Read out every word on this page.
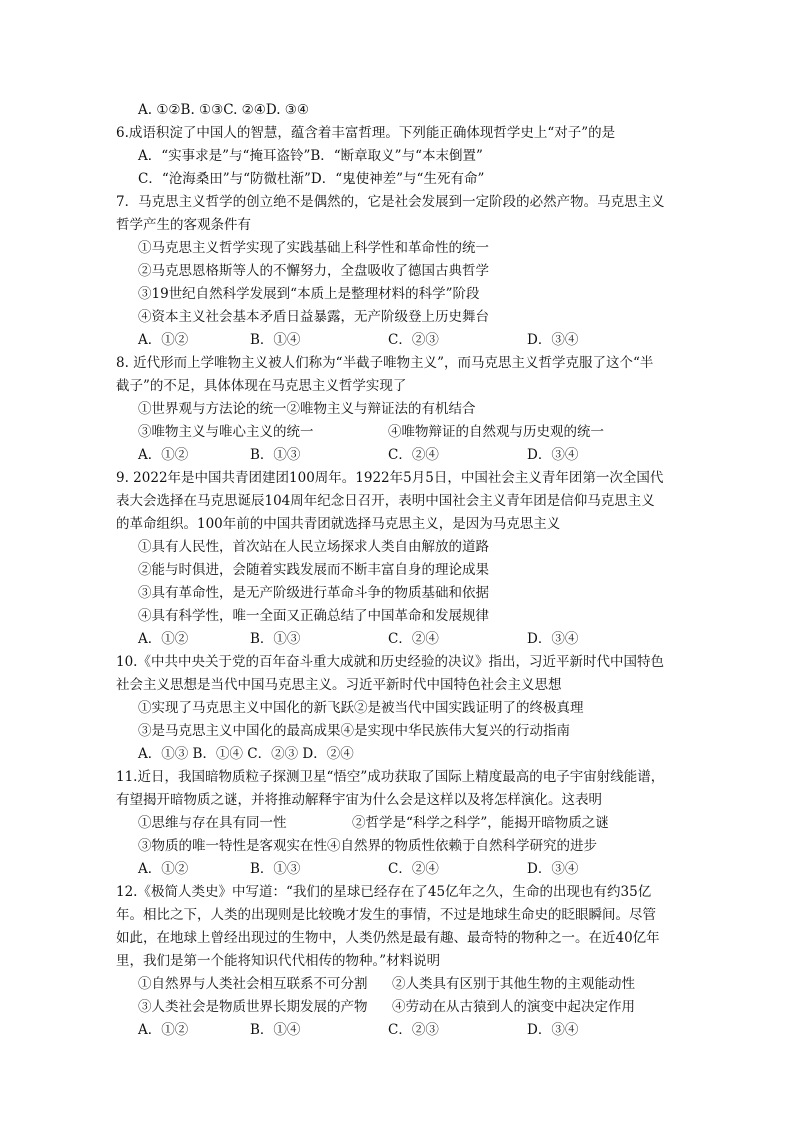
A. ①②B. ①③C. ②④D. ③④
6.成语积淀了中国人的智慧，蕴含着丰富哲理。下列能正确体现哲学史上“对子”的是
A．“实事求是”与“掩耳盗铃”B．“断章取义”与“本末倒置”
C．“沧海桑田”与“防微杜渐”D．“鬼使神差”与“生死有命”
7．马克思主义哲学的创立绝不是偶然的，它是社会发展到一定阶段的必然产物。马克思主义
哲学产生的客观条件有
①马克思主义哲学实现了实践基础上科学性和革命性的统一
②马克思恩格斯等人的不懈努力，全盘吸收了德国古典哲学
③19世纪自然科学发展到“本质上是整理材料的科学”阶段
④资本主义社会基本矛盾日益暴露，无产阶级登上历史舞台
A．①②	B．①④	C．②③	D．③④
8. 近代形而上学唯物主义被人们称为“半截子唯物主义”，而马克思主义哲学克服了这个“半
截子”的不足，具体体现在马克思主义哲学实现了
①世界观与方法论的统一②唯物主义与辩证法的有机结合
③唯物主义与唯心主义的统一	④唯物辩证的自然观与历史观的统一
A．①②	B．①③	C．②④	D．③④
9. 2022年是中国共青团建团100周年。1922年5月5日，中国社会主义青年团第一次全国代
表大会选择在马克思诞辰104周年纪念日召开，表明中国社会主义青年团是信仰马克思主义
的革命组织。100年前的中国共青团就选择马克思主义，是因为马克思主义
①具有人民性，首次站在人民立场探求人类自由解放的道路
②能与时俱进，会随着实践发展而不断丰富自身的理论成果
③具有革命性，是无产阶级进行革命斗争的物质基础和依据
④具有科学性，唯一全面又正确总结了中国革命和发展规律
A．①②	B．①③	C．②④	D．③④
10.《中共中央关于党的百年奋斗重大成就和历史经验的决议》指出，习近平新时代中国特色
社会主义思想是当代中国马克思主义。习近平新时代中国特色社会主义思想
①实现了马克思主义中国化的新飞跃②是被当代中国实践证明了的终极真理
③是马克思主义中国化的最高成果④是实现中华民族伟大复兴的行动指南
A．①③ B．①④ C．②③ D．②④
11.近日，我国暗物质粒子探测卫星“悟空”成功获取了国际上精度最高的电子宇宙射线能谱，
有望揭开暗物质之谜，并将推动解释宇宙为什么会是这样以及将怎样演化。这表明
①思维与存在具有同一性	②哲学是“科学之科学”，能揭开暗物质之谜
③物质的唯一特性是客观实在性④自然界的物质性依赖于自然科学研究的进步
A．①②	B．①③	C．②④	D．③④
12.《极简人类史》中写道：“我们的星球已经存在了45亿年之久，生命的出现也有约35亿
年。相比之下，人类的出现则是比较晚才发生的事情，不过是地球生命史的眨眼瞬间。尽管
如此，在地球上曾经出现过的生物中，人类仍然是最有趣、最奇特的物种之一。在近40亿年
里，我们是第一个能将知识代代相传的物种。”材料说明
①自然界与人类社会相互联系不可分割 ②人类具有区别于其他生物的主观能动性
③人类社会是物质世界长期发展的产物 ④劳动在从古猿到人的演变中起决定作用
A．①②	B．①④	C．②③	D．③④
